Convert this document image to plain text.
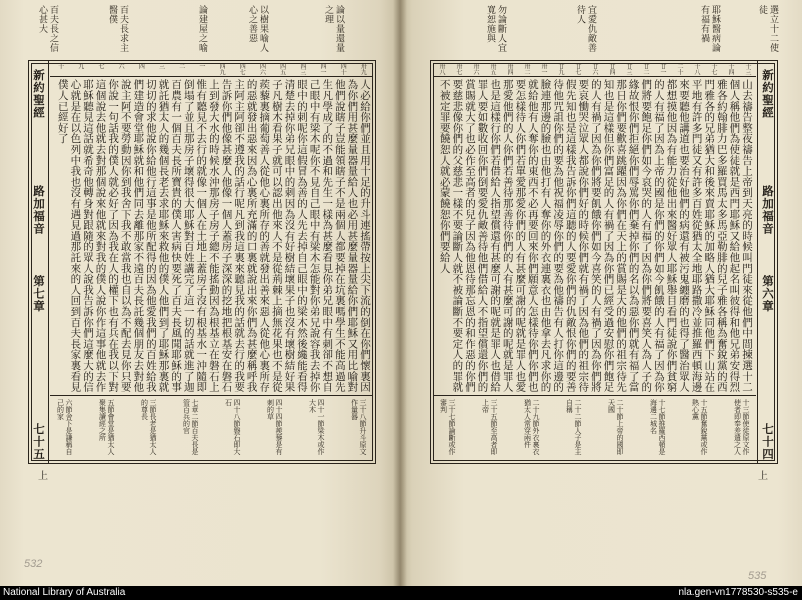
論以量還量之理
以樹果喻人心之善惡
論建屋之喻
百夫長求主醫僕
百夫長之信心甚大
新約聖經
路加福音
第七章
七十五
卅九
四十
四一
四三
四五
四六
四七
四九
一
二
三
四
六
七
九
十
人必給你們並且用十足的升斗連搖帶按上尖下流的倒在你們懷裏因為你們用甚麼量器量給人也必用甚麼量器量給你們耶穌又用比喻對他們說瞎子豈能領瞎子不是兩個人都要掉在坑裏嗎學生不能高過先生凡學成了的不過和先生一樣為甚麼看見你弟兄眼中有刺卻不想自己眼中有梁木呢你不見自己眼中有梁木怎能對你弟兄說容我去掉你眼中的刺呢你這假冒為善的人先去掉自己眼中的梁木然後纔能看得清楚去掉你弟兄眼中的刺因為沒有好樹結壞果子也沒有壞樹結好果子凡樹木看果子就可以認出他來人不是從荊棘上摘無花果也不是從蒺藜裏摘葡萄善人從他心裏所存的善就發出善來惡人從他心裏所存的惡就發出惡來因為心裏所充滿的口裏就說出來你們為甚麼稱呼我主阿主阿卻不遵我的話行呢凡到我這裏來聽見我的話就去行的我要告訴你們他像甚麼人他像一個人蓋房子深深的挖地把根基安在磐石上到發大水的時候水沖那房子房子總不能搖動因為根基立在磐石上惟有聽見不去行的就像一個人在土地上蓋房子沒有根基水一沖隨即倒塌了並且那房子壞得很大耶穌對百姓講完了這一切的話就進了迦百農有一個百夫長所寶貴的僕人害病快要死了百夫長風聞耶穌的事就託猶太人的幾個長老去求耶穌來救他的僕人他們到了耶穌那裏就切切的求他說你給他行這事是他所配得的因為他愛我們的百姓給我們建造會堂耶穌就和他們同去離那家不遠百夫長託幾個朋友去對他說主阿不要勞動因你到我舍下我不敢當我也自以為不配去見你只要你說一句話我的僕人就必好了因為我在人的權下也有兵在我以下對這個說去他就去對那個說來他就來對我的僕人說你作這事他就去作耶穌聽見這話就希奇他轉身對跟隨的眾人說我告訴你們這麼大的信心就是在以色列中我也沒有遇見過那託來的人回到百夫長家裏看見僕人已經好了
三十八節升斗原文作量器
四十一節梁木或作大木
四十四節蒺藜是有刺的草
四十八節磐石即大石
七章二節百夫長是管百兵的官
三節長老是猶太人的尊長
五節會堂是猶太人聚集讀經之所
六節舍下是謙稱自己的家
上
532
選立十二使徒
耶穌醫病論有福有禍
宜愛仇敵善待人
勿論斷人宜寬恕施與
新約聖經
路加福音
第六章
七十四
十三
十四
十七
十八
二十
廿一
廿二
廿三
廿四
廿六
廿七
廿九
卅一
卅二
卅四
卅五
卅六
卅七
卅八
山去禱告整夜禱告上帝到天亮的時候叫門徒來從他們中間揀選十二個人稱他們為使徒就是西門耶穌又給他起名叫彼得和他兄弟安得烈雅各約翰腓力巴多羅買馬太多馬亞勒腓的兒子雅各稱為奮銳黨的西門雅各的兄弟猶大和後來賣耶穌的加略人猶大耶穌同他們下山站在平地有許多門徒又有許多百姓從猶太全地耶路撒冷並推羅西頓海邊來要聽他講道也要治好他們的病還有被污鬼纏磨的也得了醫治眾人都想摸他因為有能力從他出來醫好眾人耶穌舉目看門徒說你們貧窮的人有福了因為上帝的國是你們的你們如今飢餓的人有福了因為你們將要飽足你們如今哀哭的人有福了因為你們將要喜笑人為人子的緣故恨你們拒絕你們辱罵你們棄掉你們的名以為惡你們就有福了當那日你們要歡喜跳躍因為你們在天上的賞賜是大的他們的祖宗待先知也是這樣但你們富足的人有禍了因為你們已經受過安慰你們飽足的人有禍了因為你們將要飢餓你們如今喜笑的人有禍了因為你們將要哀慟哭泣眾人都說你們好的時候你們就有禍了因為他們的祖宗待假先知也是這樣我告訴你們這聽的人要愛你們的仇敵恨你們的要善待他咒詛你們的要為他祝福凌辱你們的要為他禱告有人打你這邊的臉連那邊的臉也由他打有人奪你的外衣連裏衣也由他拿去凡求你的就給他有人奪你的東西不必再要回來你們願意人怎樣待你們你們也要怎樣待人你們若單愛那愛你們的人有甚麼可謝的呢就是罪人也愛那愛他們的人你們若善待那善待你們的人有甚麼可謝的呢就是罪人也是這樣行你們若借給人指望償還有甚麼可謝的呢就是罪人也借給罪人要如數收回你們倒要愛仇敵善待他們借給人不指望償還你們的賞賜就大了也必作至高者的兒子因為他恩待那忘恩的和作惡的你們要慈悲像你們的父慈悲一樣不要論斷人就不被論斷不要定人的罪就不被定罪要饒恕人就必蒙饒恕你們要給人
十三節使徒原文作使者即奉差遣之人
十五節奮銳黨或作熱心黨
十七節推羅西頓是海邊二城名
二十節上帝的國即天國
二十二節人子是主自稱
二十九節外衣裏衣猶太人常穿兩件
三十五節至高者即上帝
三十七節論斷或作審判
上
535
National Library of Australia	nla.gen-vn1778530-s535-e
